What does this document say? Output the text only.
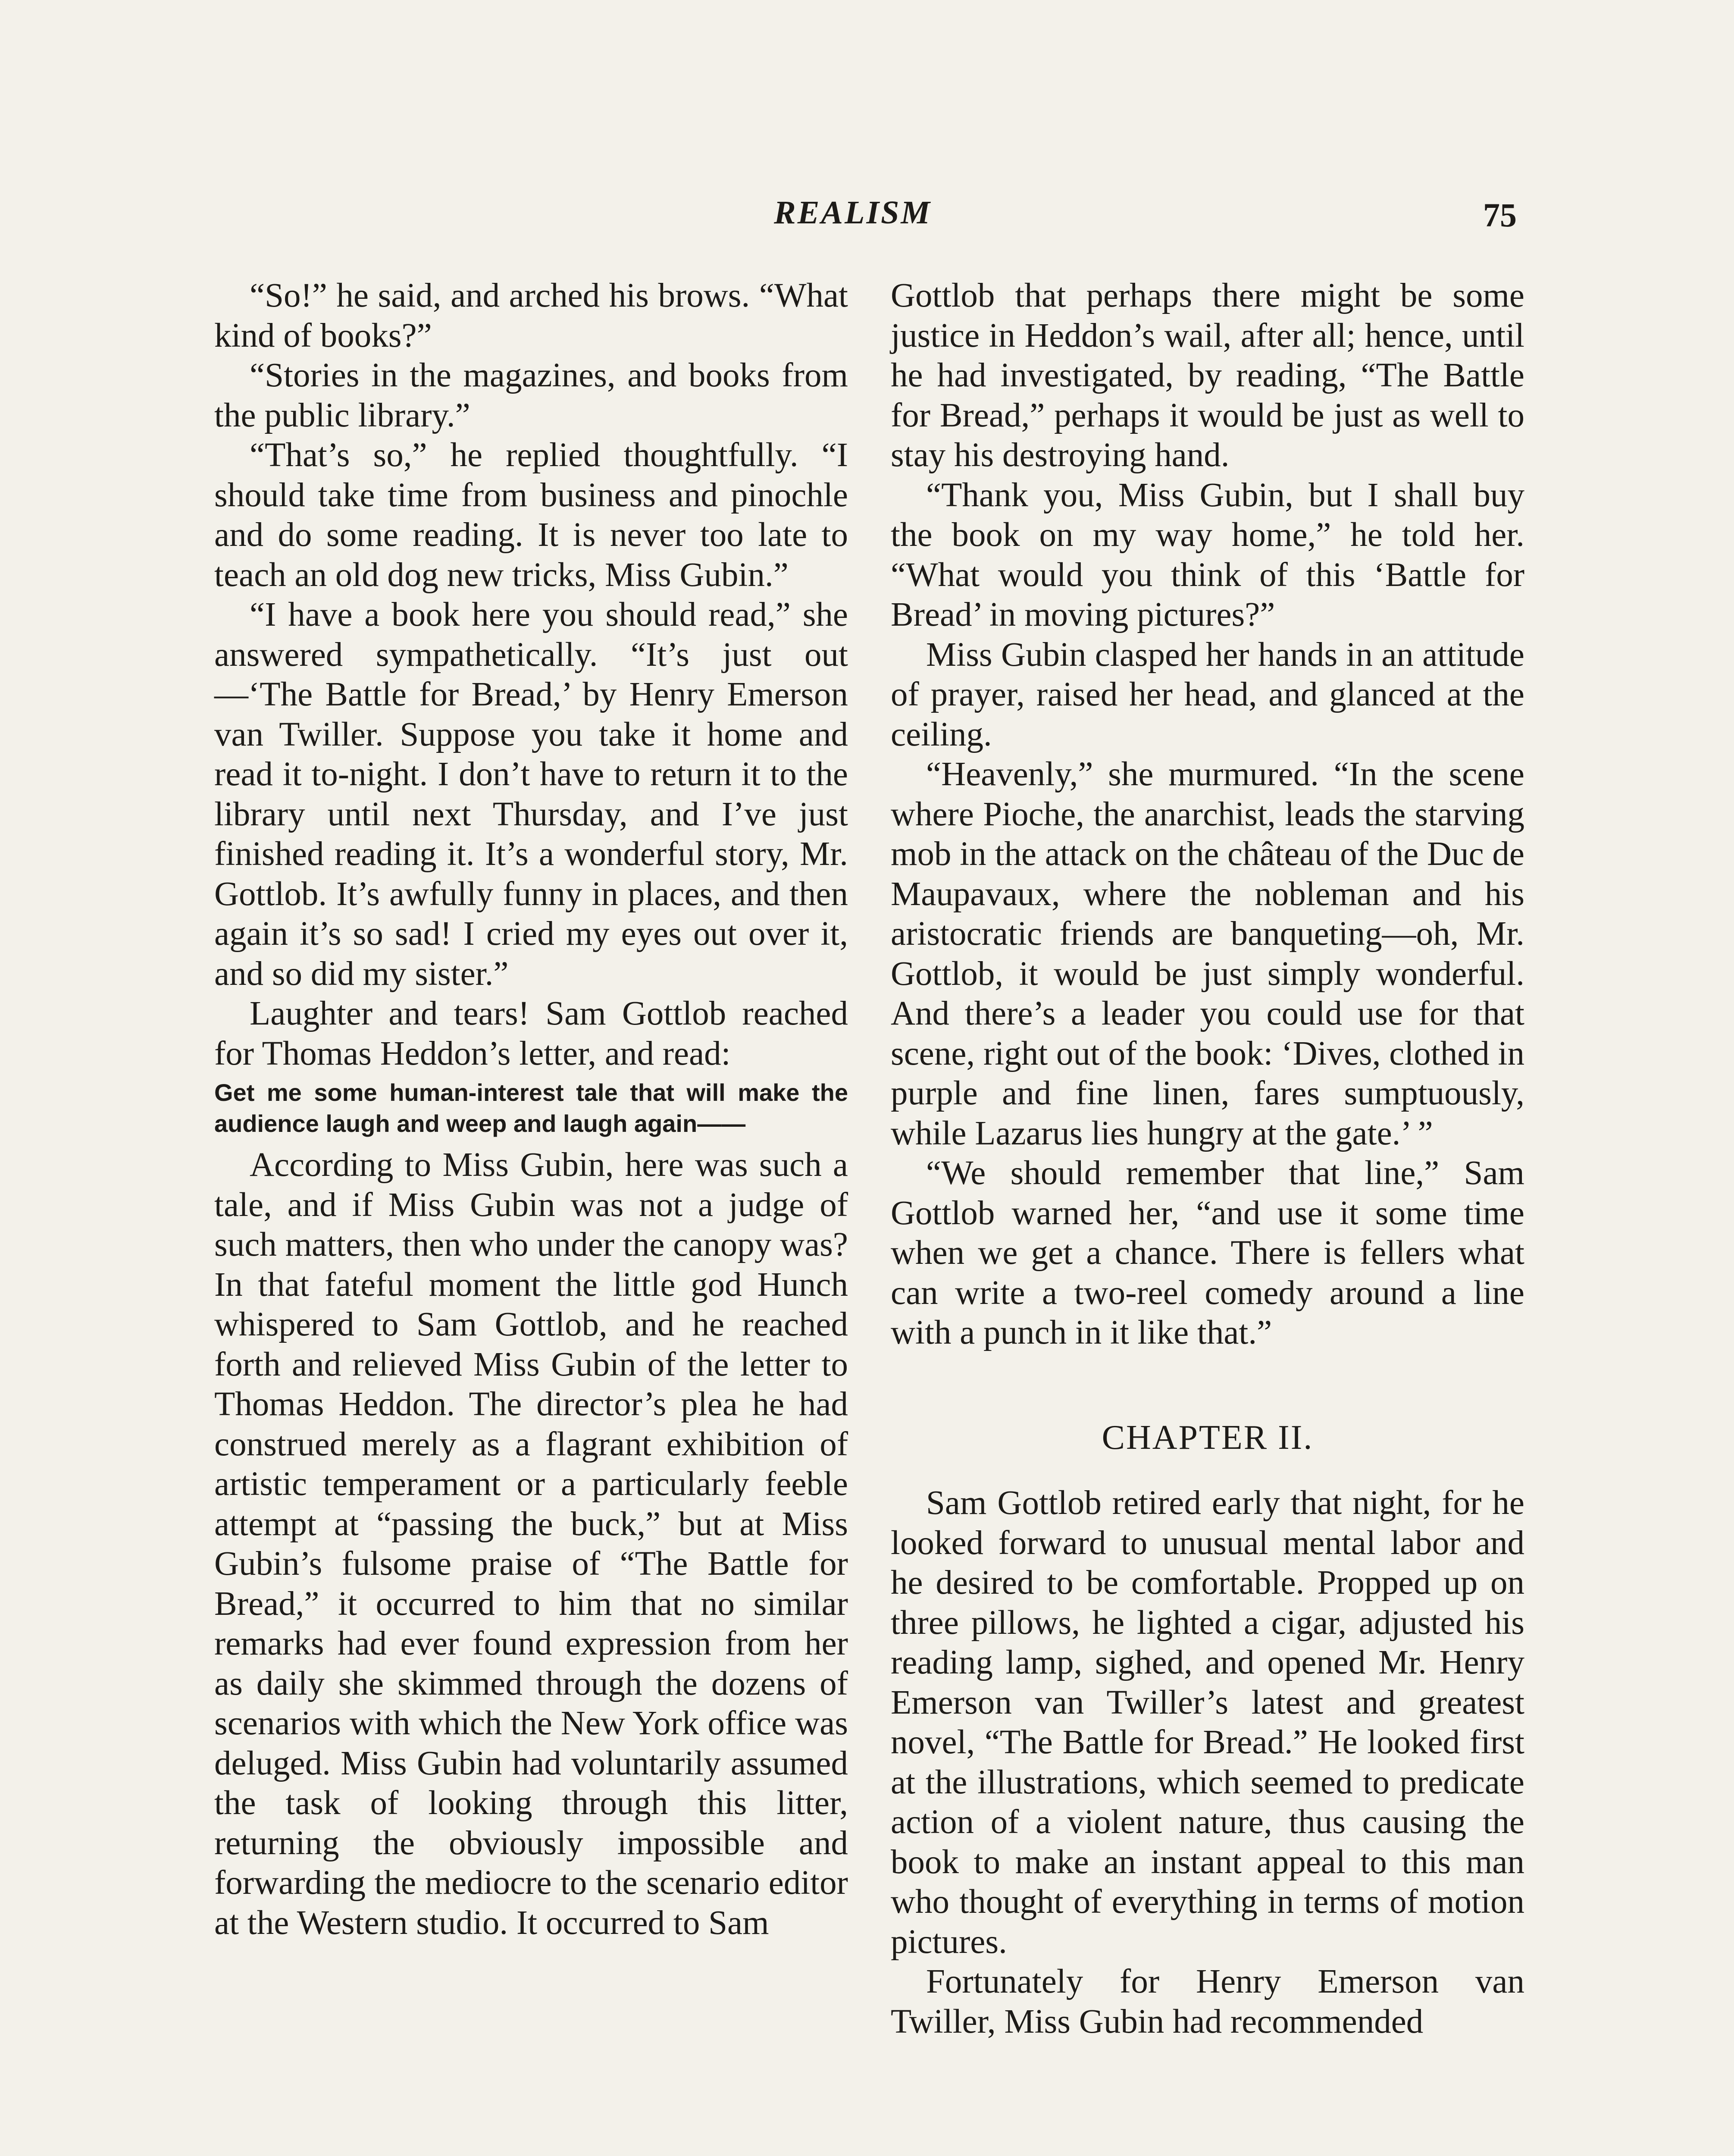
REALISM	75

“So!” he said, and arched his brows. “What kind of books?”

“Stories in the magazines, and books from the public library.”

“That’s so,” he replied thoughtfully. “I should take time from business and pinochle and do some reading. It is never too late to teach an old dog new tricks, Miss Gubin.”

“I have a book here you should read,” she answered sympathetically. “It’s just out—‘The Battle for Bread,’ by Henry Emerson van Twiller. Suppose you take it home and read it to-night. I don’t have to return it to the library until next Thursday, and I’ve just finished reading it. It’s a wonderful story, Mr. Gottlob. It’s awfully funny in places, and then again it’s so sad! I cried my eyes out over it, and so did my sister.”

Laughter and tears! Sam Gottlob reached for Thomas Heddon’s letter, and read:

Get me some human-interest tale that will make the audience laugh and weep and laugh again——

According to Miss Gubin, here was such a tale, and if Miss Gubin was not a judge of such matters, then who under the canopy was? In that fateful moment the little god Hunch whispered to Sam Gottlob, and he reached forth and relieved Miss Gubin of the letter to Thomas Heddon. The director’s plea he had construed merely as a flagrant exhibition of artistic temperament or a particularly feeble attempt at “passing the buck,” but at Miss Gubin’s fulsome praise of “The Battle for Bread,” it occurred to him that no similar remarks had ever found expression from her as daily she skimmed through the dozens of scenarios with which the New York office was deluged. Miss Gubin had voluntarily assumed the task of looking through this litter, returning the obviously impossible and forwarding the mediocre to the scenario editor at the Western studio. It occurred to Sam

Gottlob that perhaps there might be some justice in Heddon’s wail, after all; hence, until he had investigated, by reading, “The Battle for Bread,” perhaps it would be just as well to stay his destroying hand.

“Thank you, Miss Gubin, but I shall buy the book on my way home,” he told her. “What would you think of this ‘Battle for Bread’ in moving pictures?”

Miss Gubin clasped her hands in an attitude of prayer, raised her head, and glanced at the ceiling.

“Heavenly,” she murmured. “In the scene where Pioche, the anarchist, leads the starving mob in the attack on the château of the Duc de Maupavaux, where the nobleman and his aristocratic friends are banqueting—oh, Mr. Gottlob, it would be just simply wonderful. And there’s a leader you could use for that scene, right out of the book: ‘Dives, clothed in purple and fine linen, fares sumptuously, while Lazarus lies hungry at the gate.’ ”

“We should remember that line,” Sam Gottlob warned her, “and use it some time when we get a chance. There is fellers what can write a two-reel comedy around a line with a punch in it like that.”

CHAPTER II.

Sam Gottlob retired early that night, for he looked forward to unusual mental labor and he desired to be comfortable. Propped up on three pillows, he lighted a cigar, adjusted his reading lamp, sighed, and opened Mr. Henry Emerson van Twiller’s latest and greatest novel, “The Battle for Bread.” He looked first at the illustrations, which seemed to predicate action of a violent nature, thus causing the book to make an instant appeal to this man who thought of everything in terms of motion pictures.

Fortunately for Henry Emerson van Twiller, Miss Gubin had recommended
